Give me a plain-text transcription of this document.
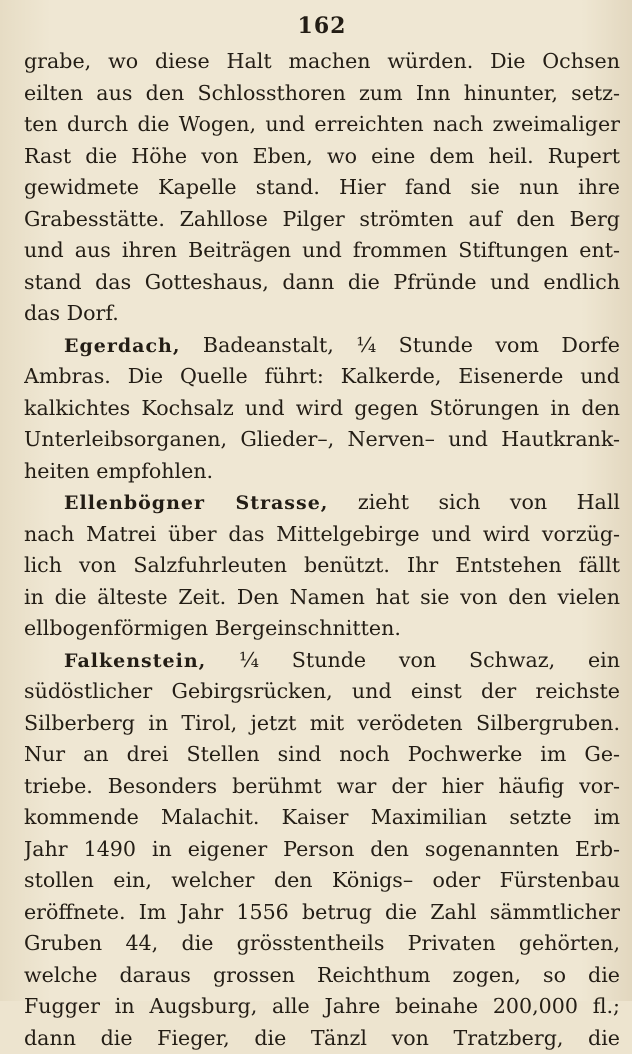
162
grabe, wo diese Halt machen würden. Die Ochsen
eilten aus den Schlossthoren zum Inn hinunter, setz-
ten durch die Wogen, und erreichten nach zweimaliger
Rast die Höhe von Eben, wo eine dem heil. Rupert
gewidmete Kapelle stand. Hier fand sie nun ihre
Grabesstätte. Zahllose Pilger strömten auf den Berg
und aus ihren Beiträgen und frommen Stiftungen ent-
stand das Gotteshaus, dann die Pfründe und endlich
das Dorf.
Egerdach, Badeanstalt, ¼ Stunde vom Dorfe
Ambras. Die Quelle führt: Kalkerde, Eisenerde und
kalkichtes Kochsalz und wird gegen Störungen in den
Unterleibsorganen, Glieder–, Nerven– und Hautkrank-
heiten empfohlen.
Ellenbögner Strasse, zieht sich von Hall
nach Matrei über das Mittelgebirge und wird vorzüg-
lich von Salzfuhrleuten benützt. Ihr Entstehen fällt
in die älteste Zeit. Den Namen hat sie von den vielen
ellbogenförmigen Bergeinschnitten.
Falkenstein, ¼ Stunde von Schwaz, ein
südöstlicher Gebirgsrücken, und einst der reichste
Silberberg in Tirol, jetzt mit verödeten Silbergruben.
Nur an drei Stellen sind noch Pochwerke im Ge-
triebe. Besonders berühmt war der hier häufig vor-
kommende Malachit. Kaiser Maximilian setzte im
Jahr 1490 in eigener Person den sogenannten Erb-
stollen ein, welcher den Königs– oder Fürstenbau
eröffnete. Im Jahr 1556 betrug die Zahl sämmtlicher
Gruben 44, die grösstentheils Privaten gehörten,
welche daraus grossen Reichthum zogen, so die
Fugger in Augsburg, alle Jahre beinahe 200,000 fl.;
dann die Fieger, die Tänzl von Tratzberg, die
